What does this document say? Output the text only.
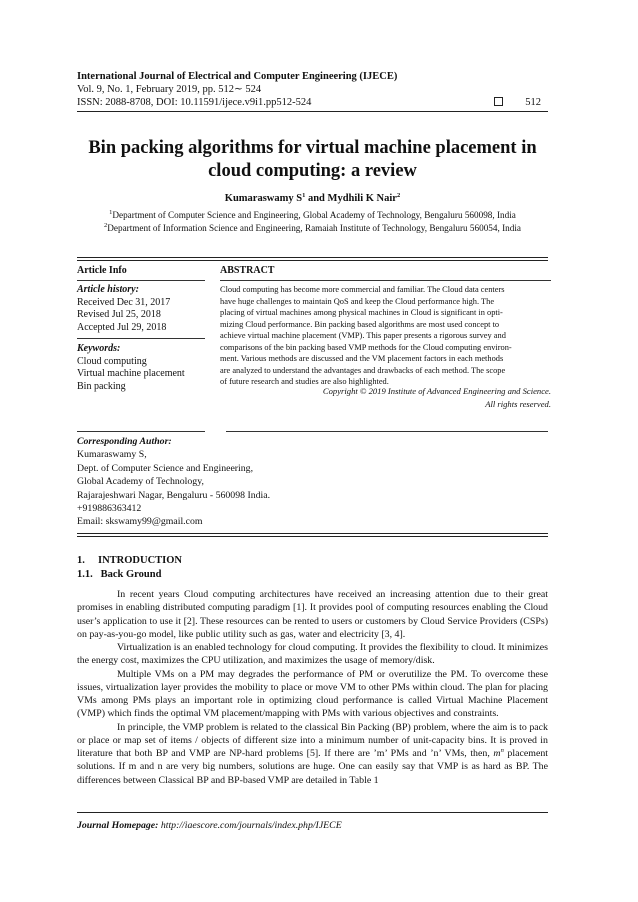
International Journal of Electrical and Computer Engineering (IJECE)
Vol. 9, No. 1, February 2019, pp. 512∼ 524
ISSN: 2088-8708, DOI: 10.11591/ijece.v9i1.pp512-524	512
Bin packing algorithms for virtual machine placement in
cloud computing: a review
Kumaraswamy $S^1$ and Mydhili K Nair$^2$
$^1$Department of Computer Science and Engineering, Global Academy of Technology, Bengaluru 560098, India
$^2$Department of Information Science and Engineering, Ramaiah Institute of Technology, Bengaluru 560054, India
Article Info
Article history:
Received Dec 31, 2017
Revised Jul 25, 2018
Accepted Jul 29, 2018
Keywords:
Cloud computing
Virtual machine placement
Bin packing
ABSTRACT
Cloud computing has become more commercial and familiar. The Cloud data centers
have huge challenges to maintain QoS and keep the Cloud performance high. The
placing of virtual machines among physical machines in Cloud is significant in opti-
mizing Cloud performance. Bin packing based algorithms are most used concept to
achieve virtual machine placement (VMP). This paper presents a rigorous survey and
comparisons of the bin packing based VMP methods for the Cloud computing environ-
ment. Various methods are discussed and the VM placement factors in each methods
are analyzed to understand the advantages and drawbacks of each method. The scope
of future research and studies are also highlighted.
Copyright © 2019 Institute of Advanced Engineering and Science.
All rights reserved.
Corresponding Author:
Kumaraswamy S,
Dept. of Computer Science and Engineering,
Global Academy of Technology,
Rajarajeshwari Nagar, Bengaluru - 560098 India.
+919886363412
Email: skswamy99@gmail.com
1.     INTRODUCTION
1.1.   Back Ground

In recent years Cloud computing architectures have received an increasing attention due to their great promises in enabling distributed computing paradigm [1]. It provides pool of computing resources enabling the Cloud user’s application to use it [2]. These resources can be rented to users or customers by Cloud Service Providers (CSPs) on pay-as-you-go model, like public utility such as gas, water and electricity [3, 4].

Virtualization is an enabled technology for cloud computing. It provides the flexibility to cloud. It minimizes the energy cost, maximizes the CPU utilization, and maximizes the usage of memory/disk.

Multiple VMs on a PM may degrades the performance of PM or overutilize the PM. To overcome these issues, virtualization layer provides the mobility to place or move VM to other PMs within cloud. The plan for placing VMs among PMs plays an important role in optimizing cloud performance is called Virtual Machine Placement (VMP) which finds the optimal VM placement/mapping with PMs with various objectives and constraints.

In principle, the VMP problem is related to the classical Bin Packing (BP) problem, where the aim is to pack or place or map set of items / objects of different size into a minimum number of unit-capacity bins. It is proved in literature that both BP and VMP are NP-hard problems [5]. If there are ’m’ PMs and ’n’ VMs, then, $m^n$ placement solutions. If m and n are very big numbers, solutions are huge. One can easily say that VMP is as hard as BP. The differences between Classical BP and BP-based VMP are detailed in Table 1

Journal Homepage: http://iaescore.com/journals/index.php/IJECE
